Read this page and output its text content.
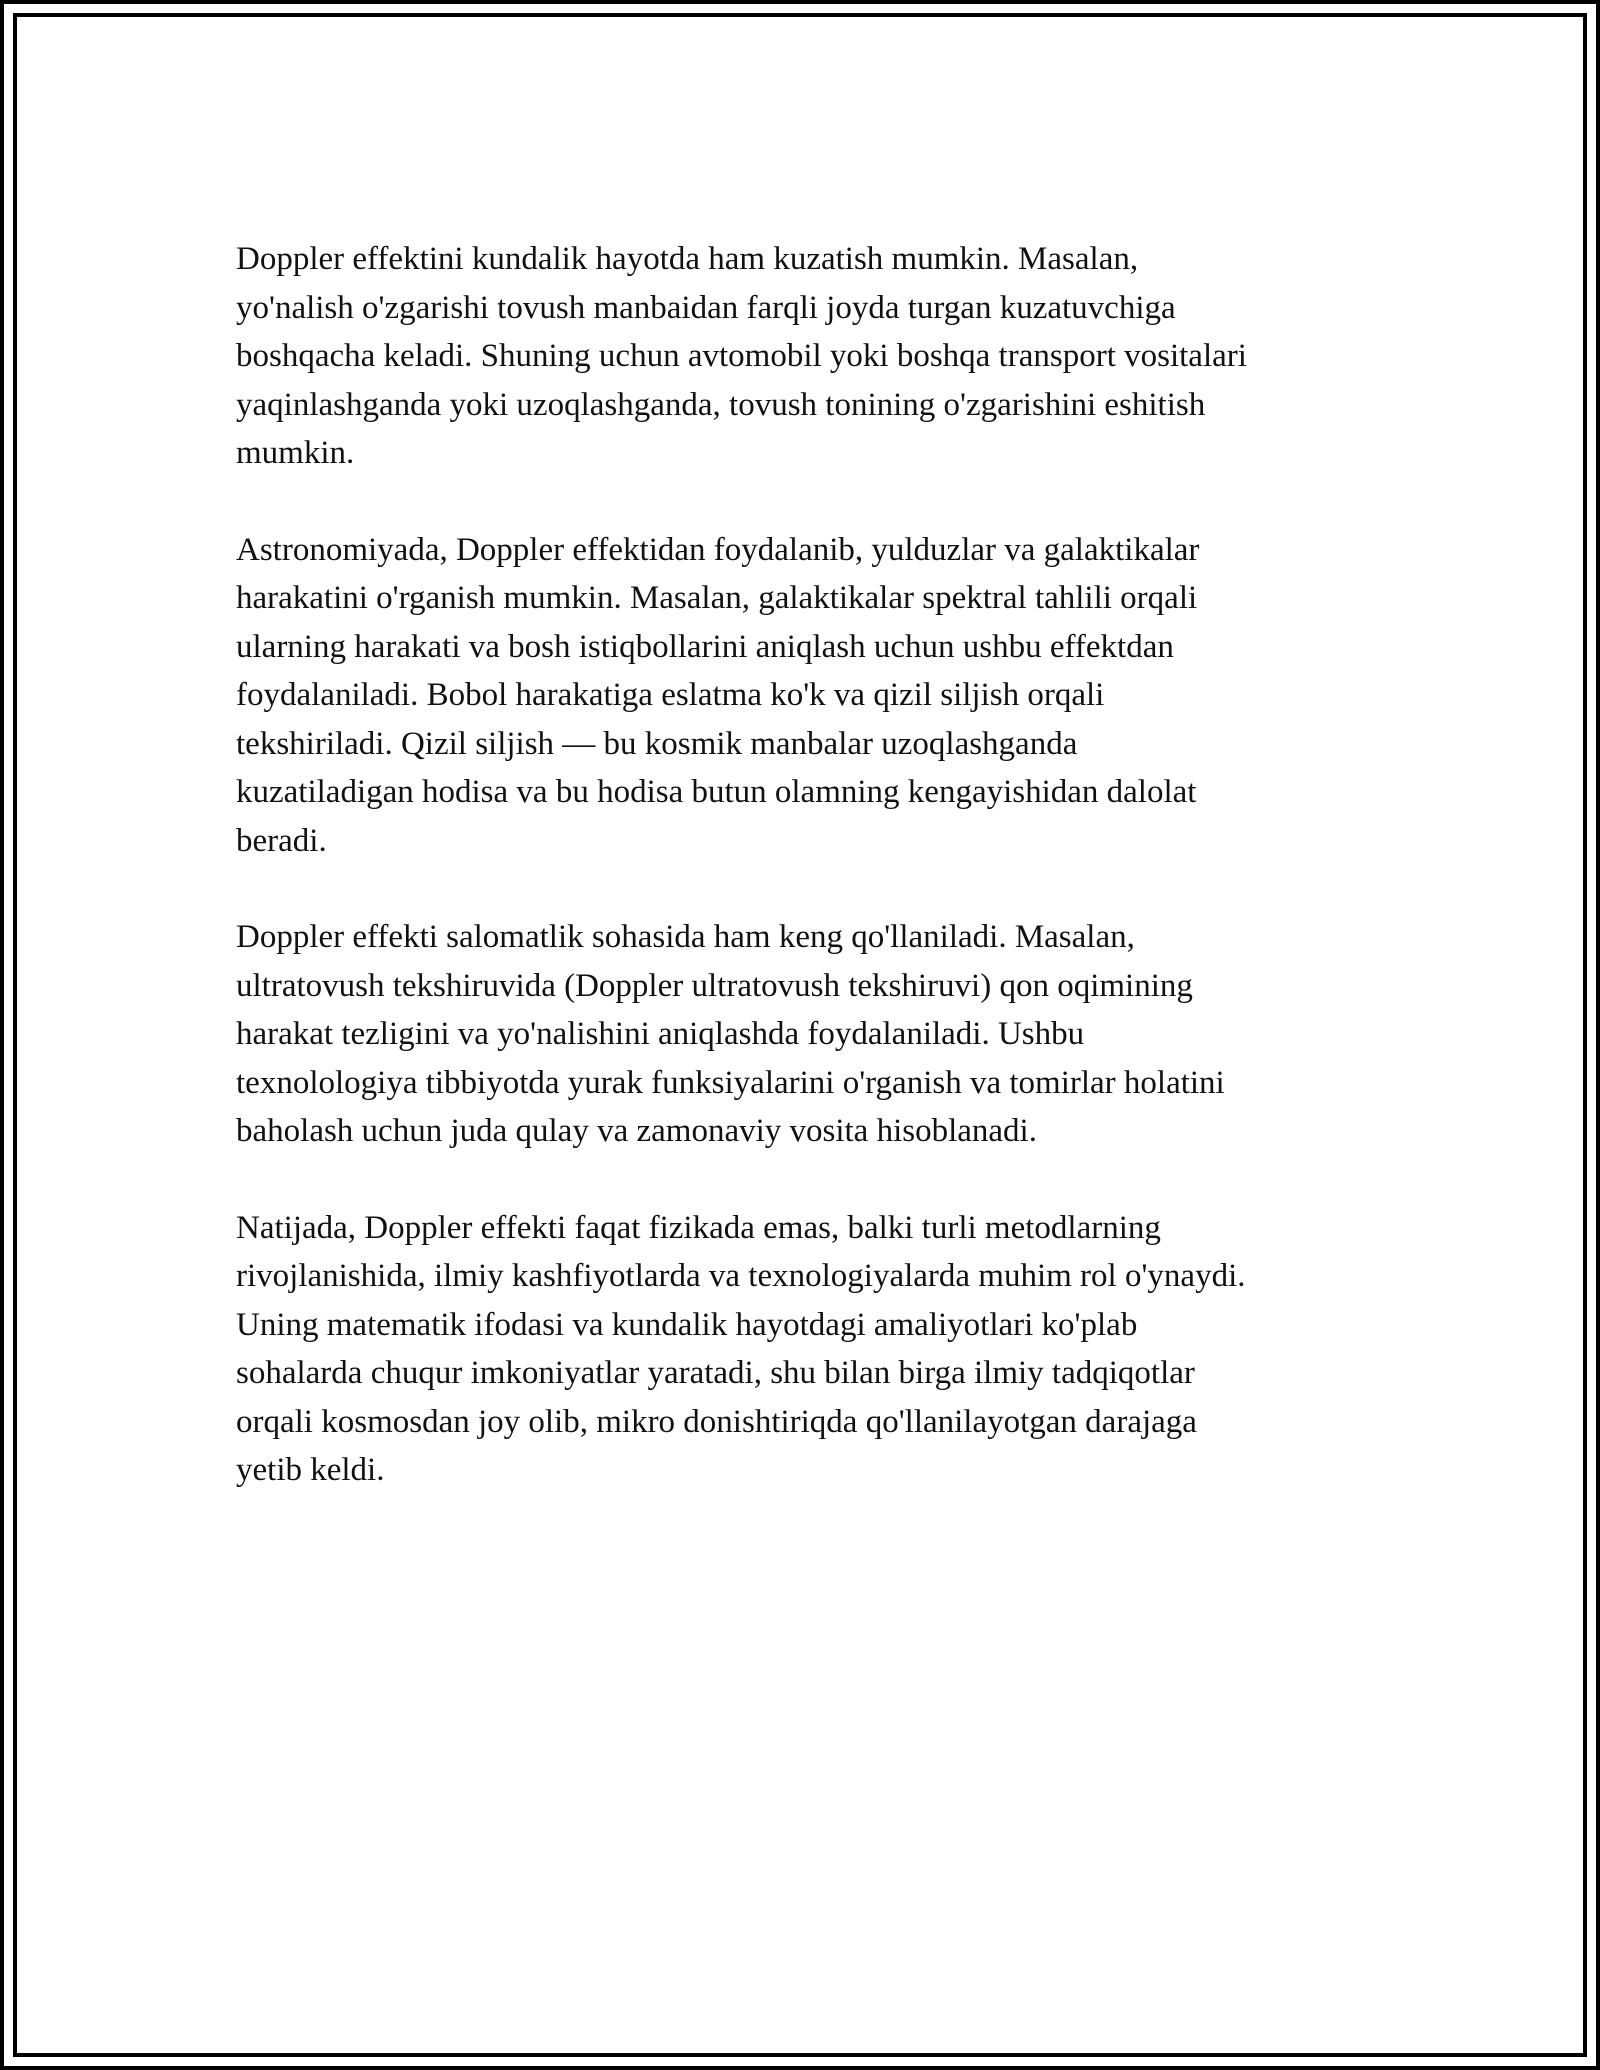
Doppler effektini kundalik hayotda ham kuzatish mumkin. Masalan,
yo'nalish o'zgarishi tovush manbaidan farqli joyda turgan kuzatuvchiga
boshqacha keladi. Shuning uchun avtomobil yoki boshqa transport vositalari
yaqinlashganda yoki uzoqlashganda, tovush tonining o'zgarishini eshitish
mumkin.

Astronomiyada, Doppler effektidan foydalanib, yulduzlar va galaktikalar
harakatini o'rganish mumkin. Masalan, galaktikalar spektral tahlili orqali
ularning harakati va bosh istiqbollarini aniqlash uchun ushbu effektdan
foydalaniladi. Bobol harakatiga eslatma ko'k va qizil siljish orqali
tekshiriladi. Qizil siljish — bu kosmik manbalar uzoqlashganda
kuzatiladigan hodisa va bu hodisa butun olamning kengayishidan dalolat
beradi.

Doppler effekti salomatlik sohasida ham keng qo'llaniladi. Masalan,
ultratovush tekshiruvida (Doppler ultratovush tekshiruvi) qon oqimining
harakat tezligini va yo'nalishini aniqlashda foydalaniladi. Ushbu
texnolologiya tibbiyotda yurak funksiyalarini o'rganish va tomirlar holatini
baholash uchun juda qulay va zamonaviy vosita hisoblanadi.

Natijada, Doppler effekti faqat fizikada emas, balki turli metodlarning
rivojlanishida, ilmiy kashfiyotlarda va texnologiyalarda muhim rol o'ynaydi.
Uning matematik ifodasi va kundalik hayotdagi amaliyotlari ko'plab
sohalarda chuqur imkoniyatlar yaratadi, shu bilan birga ilmiy tadqiqotlar
orqali kosmosdan joy olib, mikro donishtiriqda qo'llanilayotgan darajaga
yetib keldi.
